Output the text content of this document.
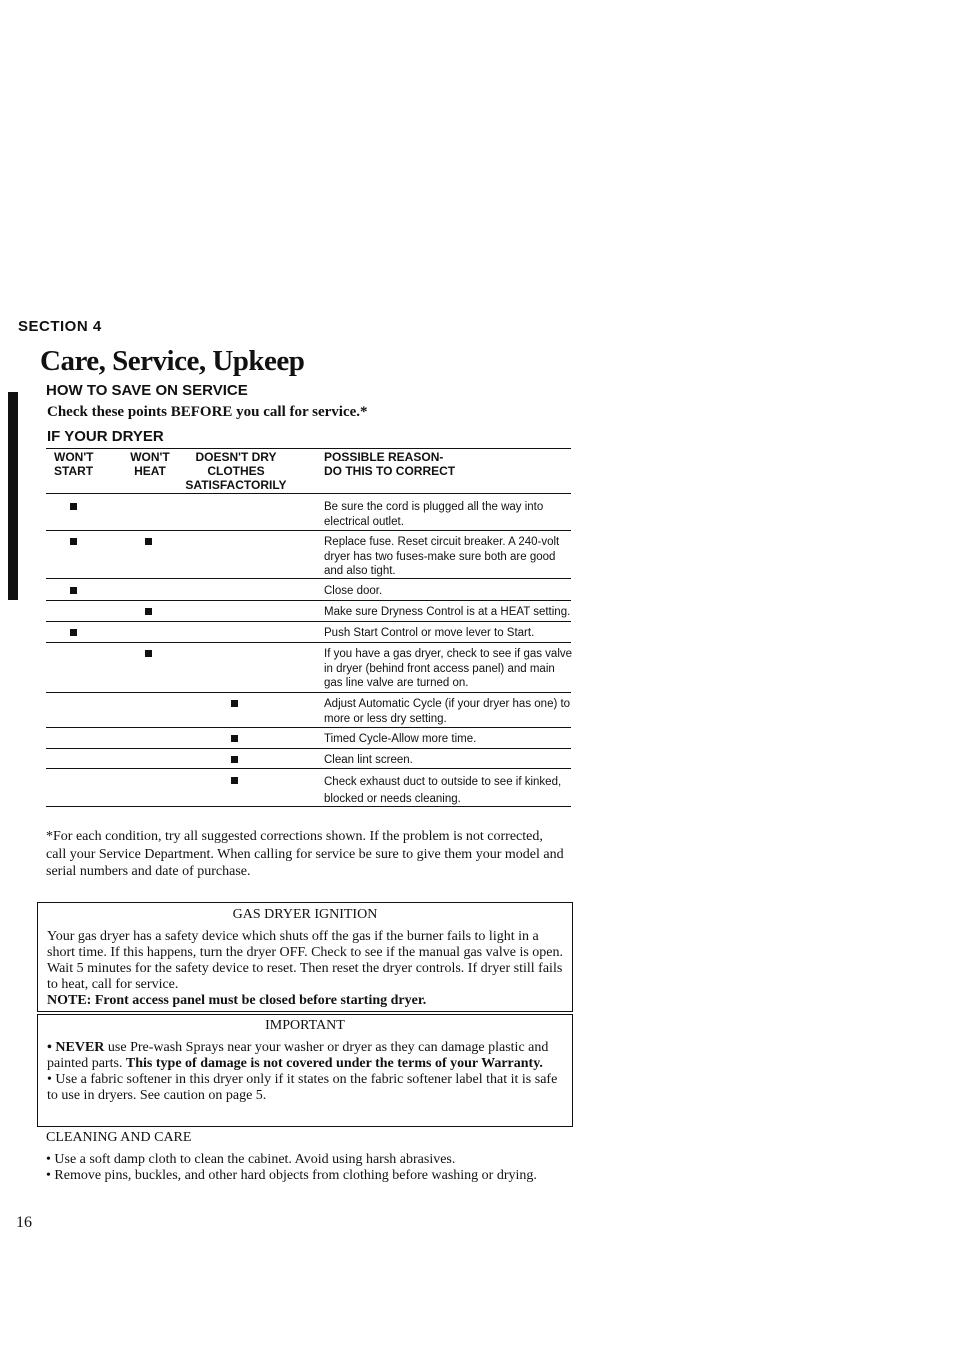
SECTION 4
Care, Service, Upkeep
HOW TO SAVE ON SERVICE
Check these points BEFORE you call for service.*
IF YOUR DRYER
WON'T
START
WON'T
HEAT
DOESN'T DRY
CLOTHES
SATISFACTORILY
POSSIBLE REASON-
DO THIS TO CORRECT
Be sure the cord is plugged all the way into electrical outlet.
Replace fuse. Reset circuit breaker. A 240-volt dryer has two fuses-make sure both are good and also tight.
Close door.
Make sure Dryness Control is at a HEAT setting.
Push Start Control or move lever to Start.
If you have a gas dryer, check to see if gas valve in dryer (behind front access panel) and main gas line valve are turned on.
Adjust Automatic Cycle (if your dryer has one) to more or less dry setting.
Timed Cycle-Allow more time.
Clean lint screen.
Check exhaust duct to outside to see if kinked, blocked or needs cleaning.
*For each condition, try all suggested corrections shown. If the problem is not corrected, call your Service Department. When calling for service be sure to give them your model and serial numbers and date of purchase.
GAS DRYER IGNITION
Your gas dryer has a safety device which shuts off the gas if the burner fails to light in a short time. If this happens, turn the dryer OFF. Check to see if the manual gas valve is open. Wait 5 minutes for the safety device to reset. Then reset the dryer controls. If dryer still fails to heat, call for service.
NOTE: Front access panel must be closed before starting dryer.
IMPORTANT
• NEVER use Pre-wash Sprays near your washer or dryer as they can damage plastic and painted parts. This type of damage is not covered under the terms of your Warranty.
• Use a fabric softener in this dryer only if it states on the fabric softener label that it is safe to use in dryers. See caution on page 5.
CLEANING AND CARE
• Use a soft damp cloth to clean the cabinet. Avoid using harsh abrasives.
• Remove pins, buckles, and other hard objects from clothing before washing or drying.
16
